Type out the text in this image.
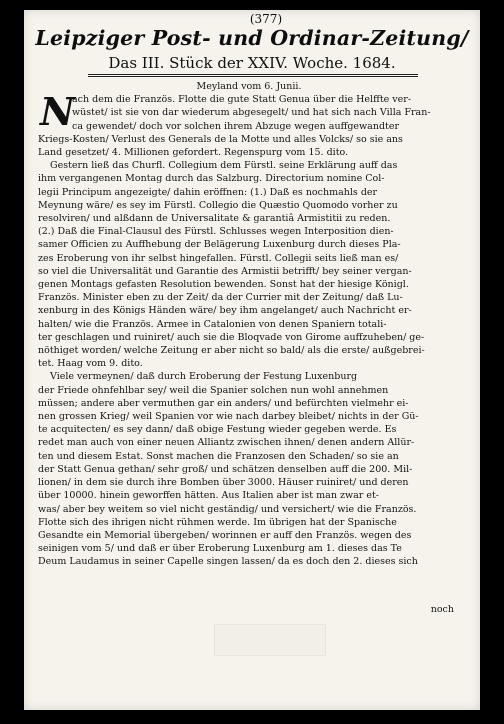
(377)
Leipziger Post- und Ordinar-Zeitung/
Das III. Stück der XXIV. Woche. 1684.
N
Meyland vom 6. Junii.
ach dem die Französ. Flotte die gute Statt Genua über die Helffte ver-
wüstet/ ist sie von dar wiederum abgesegelt/ und hat sich nach Villa Fran-
ca gewendet/ doch vor solchen ihrem Abzuge wegen auffgewandter
Kriegs-Kosten/ Verlust des Generals de la Motte und alles Volcks/ so sie ans
Land gesetzet/ 4. Millionen gefordert. Regenspurg vom 15. dito.
Gestern ließ das Churfl. Collegium dem Fürstl. seine Erklärung auff das
ihm vergangenen Montag durch das Salzburg. Directorium nomine Col-
legii Principum angezeigte/ dahin eröffnen: (1.) Daß es nochmahls der
Meynung wäre/ es sey im Fürstl. Collegio die Quæstio Quomodo vorher zu
resolviren/ und alßdann de Universalitate & garantiâ Armistitii zu reden.
(2.) Daß die Final-Clausul des Fürstl. Schlusses wegen Interposition dien-
samer Officien zu Auffhebung der Belägerung Luxenburg durch dieses Pla-
zes Eroberung von ihr selbst hingefallen. Fürstl. Collegii seits ließ man es/
so viel die Universalität und Garantie des Armistii betrifft/ bey seiner vergan-
genen Montags gefasten Resolution bewenden. Sonst hat der hiesige Königl.
Französ. Minister eben zu der Zeit/ da der Currier mit der Zeitung/ daß Lu-
xenburg in des Königs Händen wäre/ bey ihm angelanget/ auch Nachricht er-
halten/ wie die Französ. Armee in Catalonien von denen Spaniern totali-
ter geschlagen und ruiniret/ auch sie die Bloqvade von Girome auffzuheben/ ge-
nöthiget worden/ welche Zeitung er aber nicht so bald/ als die erste/ außgebrei-
tet. Haag vom 9. dito.
Viele vermeynen/ daß durch Eroberung der Festung Luxenburg
der Friede ohnfehlbar sey/ weil die Spanier solchen nun wohl annehmen
müssen; andere aber vermuthen gar ein anders/ und befürchten vielmehr ei-
nen grossen Krieg/ weil Spanien vor wie nach darbey bleibet/ nichts in der Gü-
te acquitecten/ es sey dann/ daß obige Festung wieder gegeben werde. Es
redet man auch von einer neuen Alliantz zwischen ihnen/ denen andern Allür-
ten und diesem Estat. Sonst machen die Franzosen den Schaden/ so sie an
der Statt Genua gethan/ sehr groß/ und schätzen denselben auff die 200. Mil-
lionen/ in dem sie durch ihre Bomben über 3000. Häuser ruiniret/ und deren
über 10000. hinein geworffen hätten. Aus Italien aber ist man zwar et-
was/ aber bey weitem so viel nicht geständig/ und versichert/ wie die Französ.
Flotte sich des ihrigen nicht rühmen werde. Im übrigen hat der Spanische
Gesandte ein Memorial übergeben/ worinnen er auff den Französ. wegen des
seinigen vom 5/ und daß er über Eroberung Luxenburg am 1. dieses das Te
Deum Laudamus in seiner Capelle singen lassen/ da es doch den 2. dieses sich
noch
